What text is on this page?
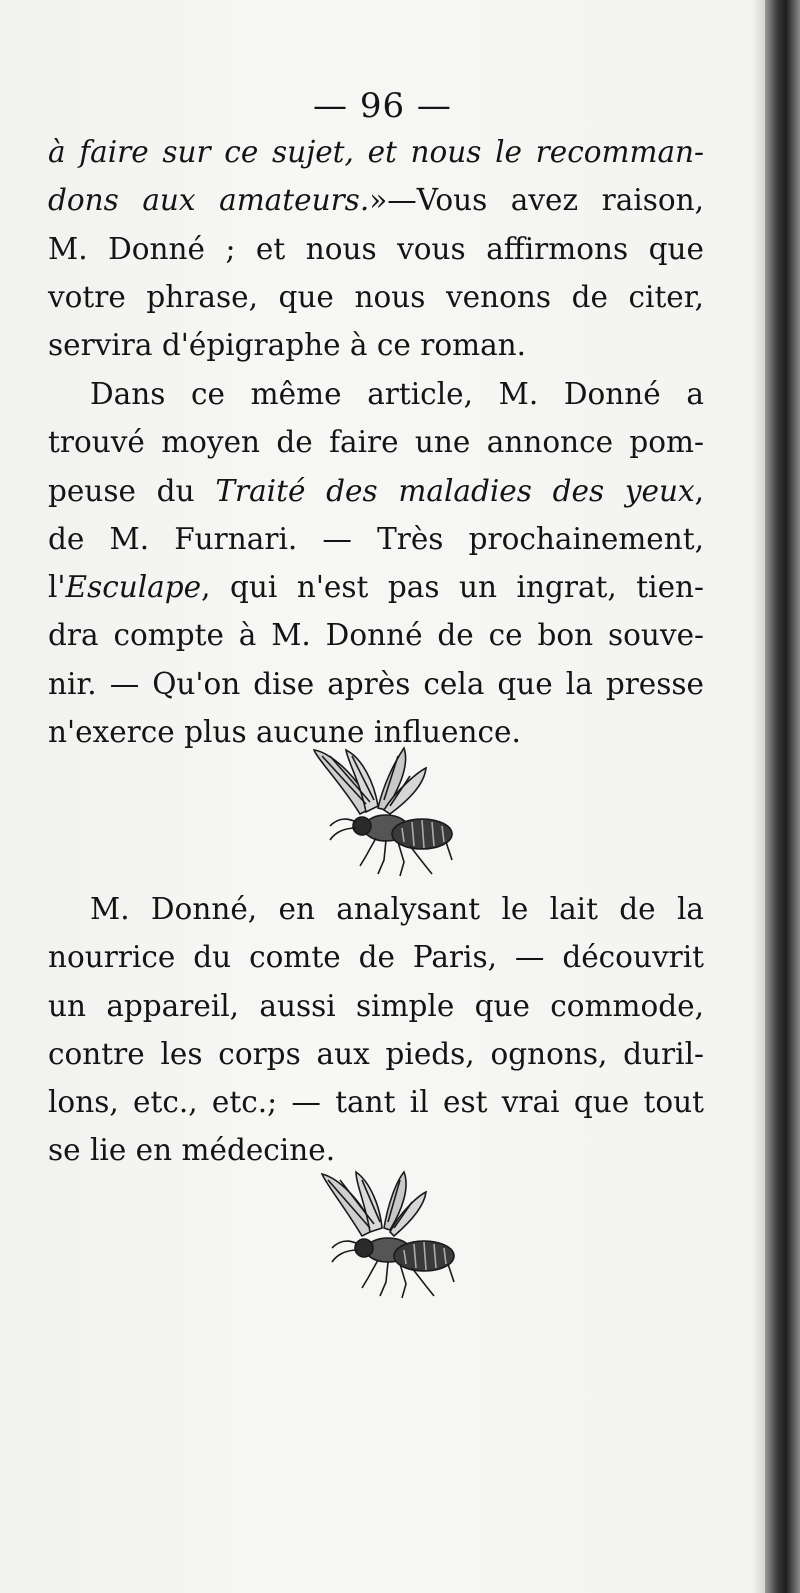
— 96 —
à faire sur ce sujet, et nous le recomman-
dons aux amateurs.»—Vous avez raison,
M. Donné ; et nous vous affirmons que
votre phrase, que nous venons de citer,
servira d'épigraphe à ce roman.
Dans ce même article, M. Donné a
trouvé moyen de faire une annonce pom-
peuse du Traité des maladies des yeux,
de M. Furnari. — Très prochainement,
l'Esculape, qui n'est pas un ingrat, tien-
dra compte à M. Donné de ce bon souve-
nir. — Qu'on dise après cela que la presse
n'exerce plus aucune influence.
M. Donné, en analysant le lait de la
nourrice du comte de Paris, — découvrit
un appareil, aussi simple que commode,
contre les corps aux pieds, ognons, duril-
lons, etc., etc.; — tant il est vrai que tout
se lie en médecine.
